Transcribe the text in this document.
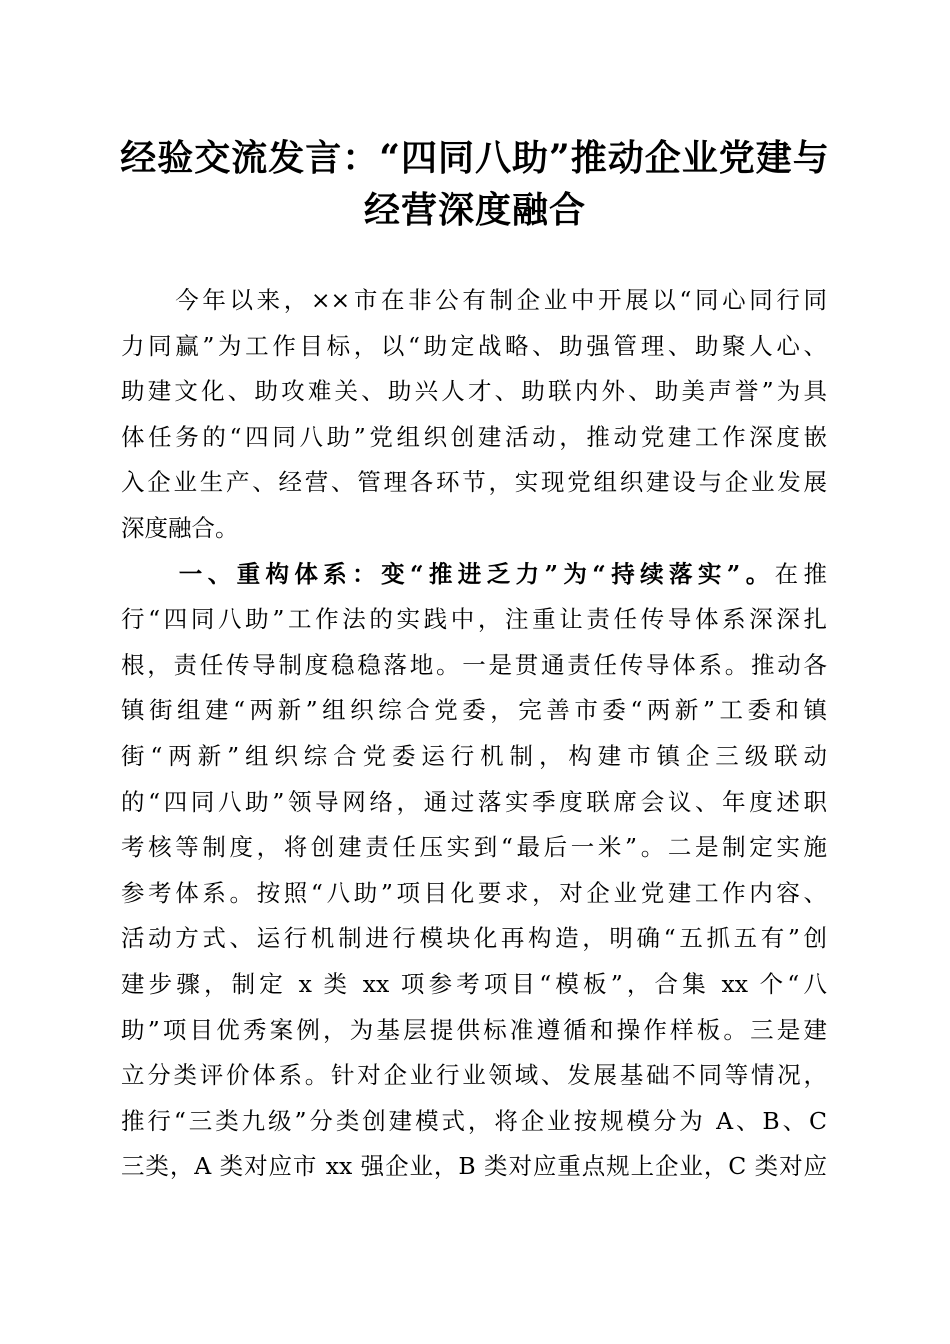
经验交流发言：“四同八助”推动企业党建与
经营深度融合
　　今年以来，××市在非公有制企业中开展以“同心同行同
力同赢”为工作目标，以“助定战略、助强管理、助聚人心、
助建文化、助攻难关、助兴人才、助联内外、助美声誉”为具
体任务的“四同八助”党组织创建活动，推动党建工作深度嵌
入企业生产、经营、管理各环节，实现党组织建设与企业发展
深度融合。
　　一、重构体系：变“推进乏力”为“持续落实”。在推
行“四同八助”工作法的实践中，注重让责任传导体系深深扎
根，责任传导制度稳稳落地。一是贯通责任传导体系。推动各
镇街组建“两新”组织综合党委，完善市委“两新”工委和镇
街“两新”组织综合党委运行机制，构建市镇企三级联动
的“四同八助”领导网络，通过落实季度联席会议、年度述职
考核等制度，将创建责任压实到“最后一米”。二是制定实施
参考体系。按照“八助”项目化要求，对企业党建工作内容、
活动方式、运行机制进行模块化再构造，明确“五抓五有”创
建步骤，制定 x 类 xx 项参考项目“模板”，合集 xx 个“八
助”项目优秀案例，为基层提供标准遵循和操作样板。三是建
立分类评价体系。针对企业行业领域、发展基础不同等情况，
推行“三类九级”分类创建模式，将企业按规模分为 A、B、C
三类，A 类对应市 xx 强企业，B 类对应重点规上企业，C 类对应
